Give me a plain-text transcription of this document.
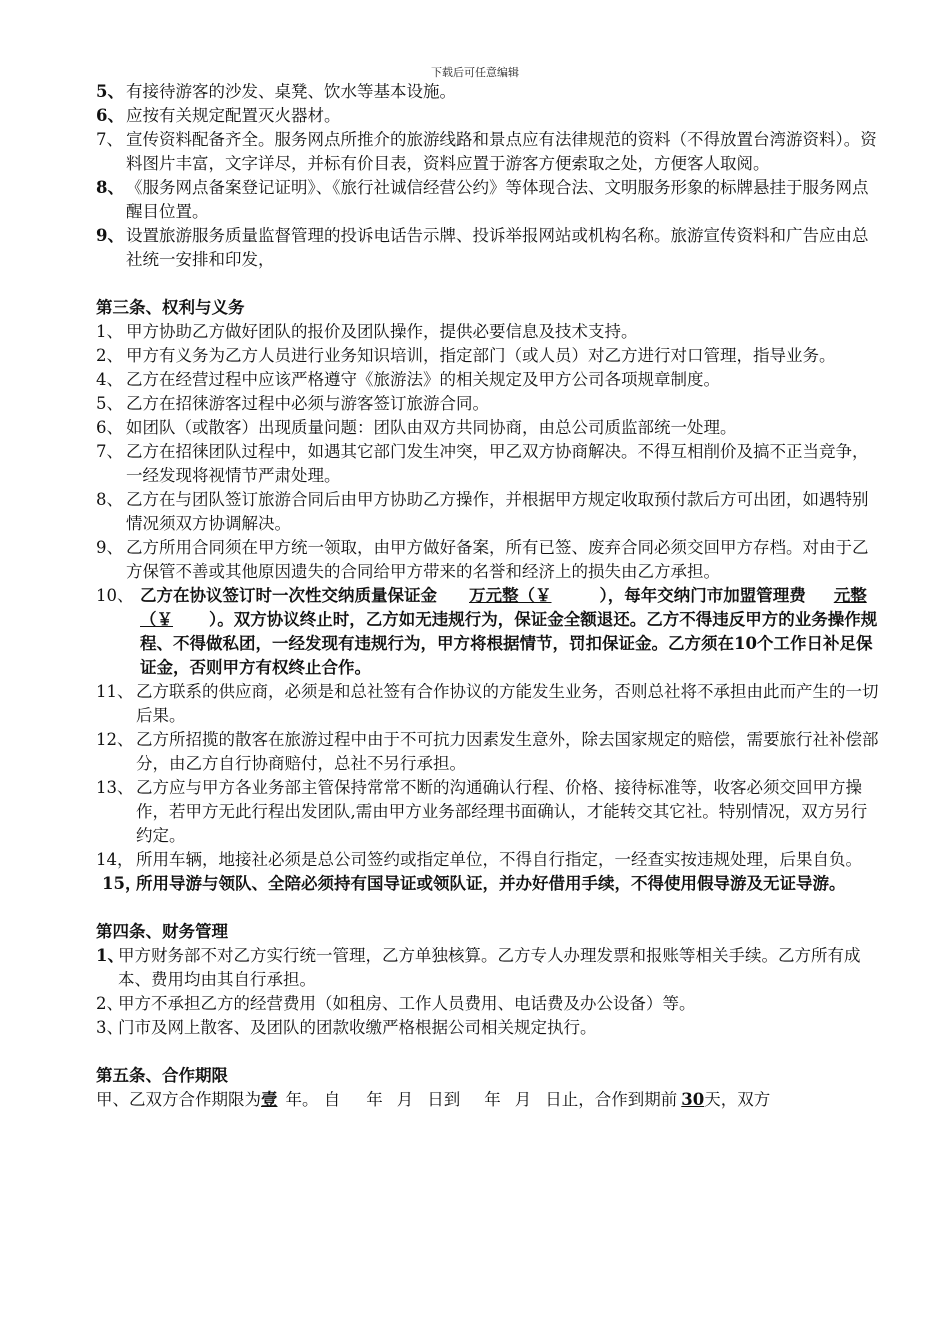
下载后可任意编辑
5、 有接待游客的沙发、桌凳、饮水等基本设施。
6、 应按有关规定配置灭火器材。
7、 宣传资料配备齐全。服务网点所推介的旅游线路和景点应有法律规范的资料（不得放置台湾游资料）。资料图片丰富，文字详尽，并标有价目表，资料应置于游客方便索取之处，方便客人取阅。
8、 《服务网点备案登记证明》、《旅行社诚信经营公约》等体现合法、文明服务形象的标牌悬挂于服务网点醒目位置。
9、 设置旅游服务质量监督管理的投诉电话告示牌、投诉举报网站或机构名称。旅游宣传资料和广告应由总社统一安排和印发，
第三条、权利与义务
1、 甲方协助乙方做好团队的报价及团队操作，提供必要信息及技术支持。
2、 甲方有义务为乙方人员进行业务知识培训，指定部门（或人员）对乙方进行对口管理，指导业务。
4、 乙方在经营过程中应该严格遵守《旅游法》的相关规定及甲方公司各项规章制度。
5、 乙方在招徕游客过程中必须与游客签订旅游合同。
6、 如团队（或散客）出现质量问题：团队由双方共同协商，由总公司质监部统一处理。
7、 乙方在招徕团队过程中，如遇其它部门发生冲突，甲乙双方协商解决。不得互相削价及搞不正当竞争，一经发现将视情节严肃处理。
8、 乙方在与团队签订旅游合同后由甲方协助乙方操作，并根据甲方规定收取预付款后方可出团，如遇特别情况须双方协调解决。
9、 乙方所用合同须在甲方统一领取，由甲方做好备案，所有已签、废弃合同必须交回甲方存档。对由于乙方保管不善或其他原因遗失的合同给甲方带来的名誉和经济上的损失由乙方承担。
10、 乙方在协议签订时一次性交纳质量保证金 万元整（￥	），每年交纳门市加盟管理费 元整（￥ ）。双方协议终止时，乙方如无违规行为，保证金全额退还。乙方不得违反甲方的业务操作规程、不得做私团，一经发现有违规行为，甲方将根据情节，罚扣保证金。乙方须在10个工作日补足保证金，否则甲方有权终止合作。
11、 乙方联系的供应商，必须是和总社签有合作协议的方能发生业务，否则总社将不承担由此而产生的一切后果。
12、 乙方所招揽的散客在旅游过程中由于不可抗力因素发生意外，除去国家规定的赔偿，需要旅行社补偿部分，由乙方自行协商赔付，总社不另行承担。
13、 乙方应与甲方各业务部主管保持常常不断的沟通确认行程、价格、接待标准等，收客必须交回甲方操作，若甲方无此行程出发团队,需由甲方业务部经理书面确认，才能转交其它社。特别情况，双方另行约定。
14， 所用车辆，地接社必须是总公司签约或指定单位，不得自行指定，一经查实按违规处理，后果自负。
15，
所用导游与领队、全陪必须持有国导证或领队证，并办好借用手续，不得使用假导游及无证导游。
第四条、财务管理
1、
甲方财务部不对乙方实行统一管理，乙方单独核算。乙方专人办理发票和报账等相关手续。乙方所有成本、费用均由其自行承担。
2、
甲方不承担乙方的经营费用（如租房、工作人员费用、电话费及办公设备）等。
3、
门市及网上散客、及团队的团款收缴严格根据公司相关规定执行。
第五条、合作期限
甲、乙双方合作期限为壹 年。 自 年 月 日到 年 月 日止，合作到期前 30天，双方
